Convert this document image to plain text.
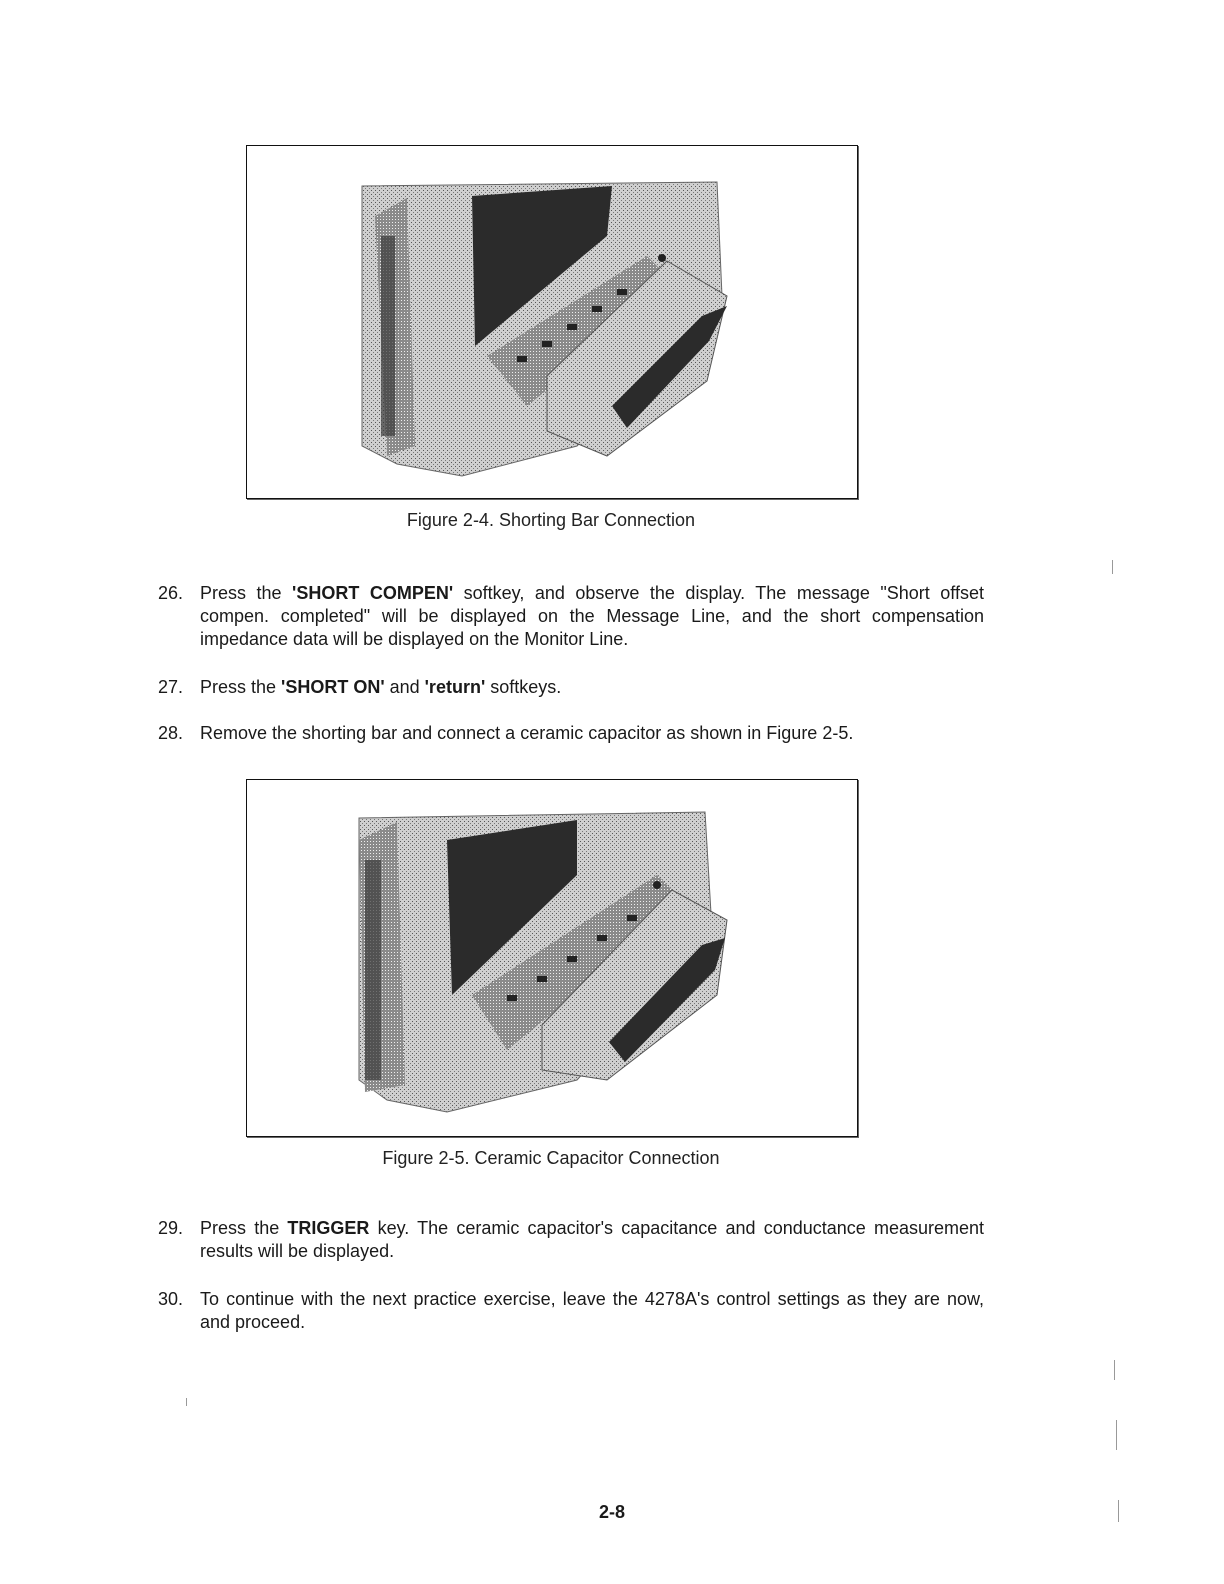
Figure 2-4. Shorting Bar Connection
26. Press the 'SHORT COMPEN' softkey, and observe the display. The message "Short offset compen. completed" will be displayed on the Message Line, and the short compensation impedance data will be displayed on the Monitor Line.
27. Press the 'SHORT ON' and 'return' softkeys.
28. Remove the shorting bar and connect a ceramic capacitor as shown in Figure 2-5.
Figure 2-5. Ceramic Capacitor Connection
29. Press the TRIGGER key. The ceramic capacitor's capacitance and conductance measurement results will be displayed.
30. To continue with the next practice exercise, leave the 4278A's control settings as they are now, and proceed.
2-8
